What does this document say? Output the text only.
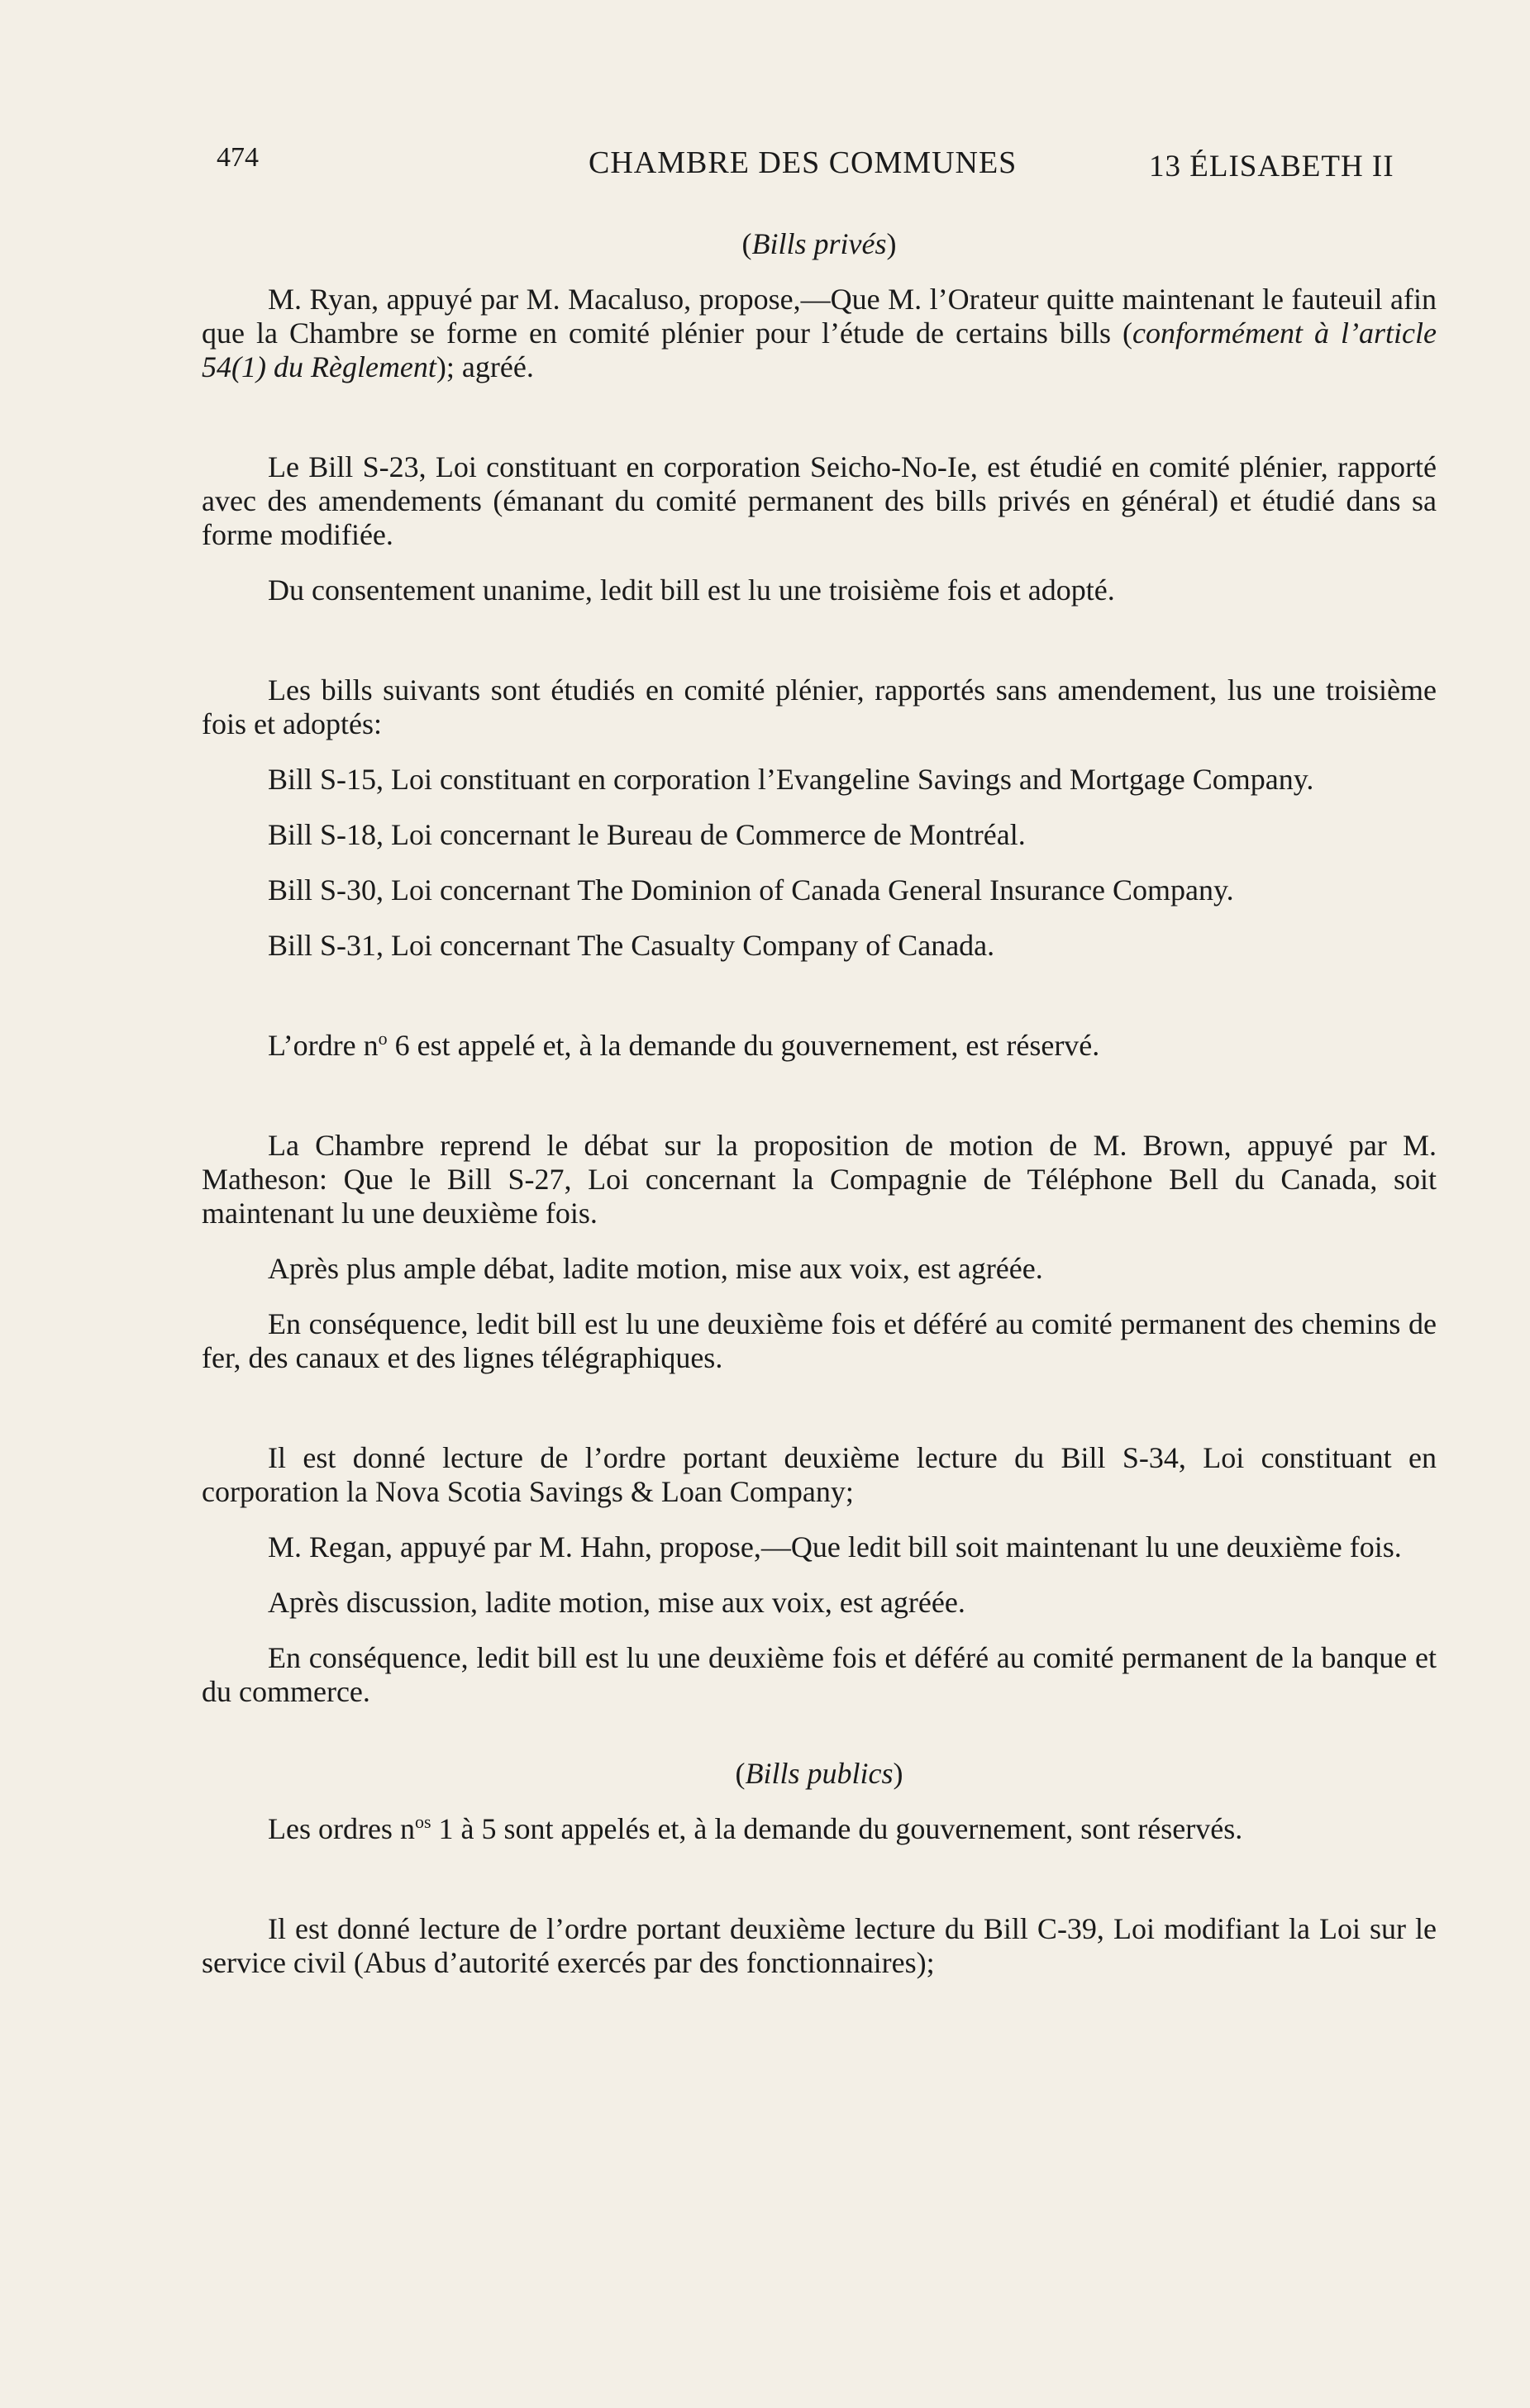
474	CHAMBRE DES COMMUNES	13 ÉLISABETH II
(Bills privés)

M. Ryan, appuyé par M. Macaluso, propose,—Que M. l’Orateur quitte maintenant le fauteuil afin que la Chambre se forme en comité plénier pour l’étude de certains bills (conformément à l’article 54(1) du Règlement); agréé.

Le Bill S-23, Loi constituant en corporation Seicho-No-Ie, est étudié en comité plénier, rapporté avec des amendements (émanant du comité permanent des bills privés en général) et étudié dans sa forme modifiée.

Du consentement unanime, ledit bill est lu une troisième fois et adopté.

Les bills suivants sont étudiés en comité plénier, rapportés sans amendement, lus une troisième fois et adoptés:

Bill S-15, Loi constituant en corporation l’Evangeline Savings and Mortgage Company.

Bill S-18, Loi concernant le Bureau de Commerce de Montréal.

Bill S-30, Loi concernant The Dominion of Canada General Insurance Company.

Bill S-31, Loi concernant The Casualty Company of Canada.

L’ordre $n^o$ 6 est appelé et, à la demande du gouvernement, est réservé.

La Chambre reprend le débat sur la proposition de motion de M. Brown, appuyé par M. Matheson: Que le Bill S-27, Loi concernant la Compagnie de Téléphone Bell du Canada, soit maintenant lu une deuxième fois.

Après plus ample débat, ladite motion, mise aux voix, est agréée.

En conséquence, ledit bill est lu une deuxième fois et déféré au comité permanent des chemins de fer, des canaux et des lignes télégraphiques.

Il est donné lecture de l’ordre portant deuxième lecture du Bill S-34, Loi constituant en corporation la Nova Scotia Savings & Loan Company;

M. Regan, appuyé par M. Hahn, propose,—Que ledit bill soit maintenant lu une deuxième fois.

Après discussion, ladite motion, mise aux voix, est agréée.

En conséquence, ledit bill est lu une deuxième fois et déféré au comité permanent de la banque et du commerce.

(Bills publics)

Les ordres $n^{os}$ 1 à 5 sont appelés et, à la demande du gouvernement, sont réservés.

Il est donné lecture de l’ordre portant deuxième lecture du Bill C-39, Loi modifiant la Loi sur le service civil (Abus d’autorité exercés par des fonctionnaires);
